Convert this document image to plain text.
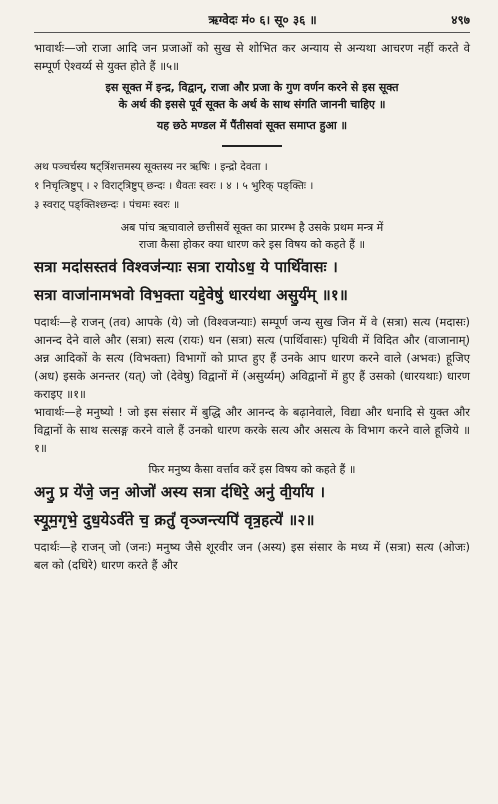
ऋग्वेदः मं० ६। सू० ३६ ॥	४९७

भावार्थः—जो राजा आदि जन प्रजाओं को सुख से शोभित कर अन्याय से अन्यथा आचरण नहीं करते वे सम्पूर्ण ऐश्वर्य्य से युक्त होते हैं ॥५॥

इस सूक्त में इन्द्र, विद्वान्, राजा और प्रजा के गुण वर्णन करने से इस सूक्त

के अर्थ की इससे पूर्व सूक्त के अर्थ के साथ संगति जाननी चाहिए ॥

यह छठे मण्डल में पैंतीसवां सूक्त समाप्त हुआ ॥

अथ पञ्चर्चस्य षट्त्रिंशत्तमस्य सूक्तस्य नर ऋषिः । इन्द्रो देवता ।

१ निचृत्त्रिष्टुप् । २ विराट्त्रिष्टुप् छन्दः । धैवतः स्वरः । ४ । ५ भुरिक् पङ्क्तिः ।

३ स्वराट् पङ्क्तिश्छन्दः । पंचमः स्वरः ॥

अब पांच ऋचावाले छत्तीसवें सूक्त का प्रारम्भ है उसके प्रथम मन्त्र में

राजा कैसा होकर क्या धारण करे इस विषय को कहते हैं ॥

सत्रा मदा॑सस्तव॑ विश्वज॑न्याः सत्रा रायोऽध॒ ये पार्थि॑वासः ।

सत्रा वाजा॑नामभवो विभ॒क्ता यद्दे॒वेषु॑ धारय॑था असु॒र्य॑म् ॥१॥

पदार्थः—हे राजन् (तव) आपके (ये) जो (विश्वजन्याः) सम्पूर्ण जन्य सुख जिन में वे (सत्रा) सत्य (मदासः) आनन्द देने वाले और (सत्रा) सत्य (रायः) धन (सत्रा) सत्य (पार्थिवासः) पृथिवी में विदित और (वाजानाम्) अन्न आदिकों के सत्य (विभक्ता) विभागों को प्राप्त हुए हैं उनके आप धारण करने वाले (अभवः) हूजिए (अध) इसके अनन्तर (यत्) जो (देवेषु) विद्वानों में (असुर्य्यम्) अविद्वानों में हुए हैं उसको (धारयथाः) धारण कराइए ॥१॥

भावार्थः—हे मनुष्यो ! जो इस संसार में बुद्धि और आनन्द के बढ़ानेवाले, विद्या और धनादि से युक्त और विद्वानों के साथ सत्सङ्ग करने वाले हैं उनको धारण करके सत्य और असत्य के विभाग करने वाले हूजिये ॥१॥

फिर मनुष्य कैसा वर्त्ताव करें इस विषय को कहते हैं ॥

अनु॒ प्र ये॑जे॒ जन॒ ओजो॑ अस्य सत्रा द॑धिरे॒ अनु॑ वी॒र्या॑य ।

स्यू॒म॒गृभे॒ दुध॒येऽर्व॑ते च॒ क्रतुं॑ वृञ्जन्त्यपि॑ वृत्र॒हत्ये॑ ॥२॥

पदार्थः—हे राजन् जो (जनः) मनुष्य जैसे शूरवीर जन (अस्य) इस संसार के मध्य में (सत्रा) सत्य (ओजः) बल को (दधिरे) धारण करते हैं और
